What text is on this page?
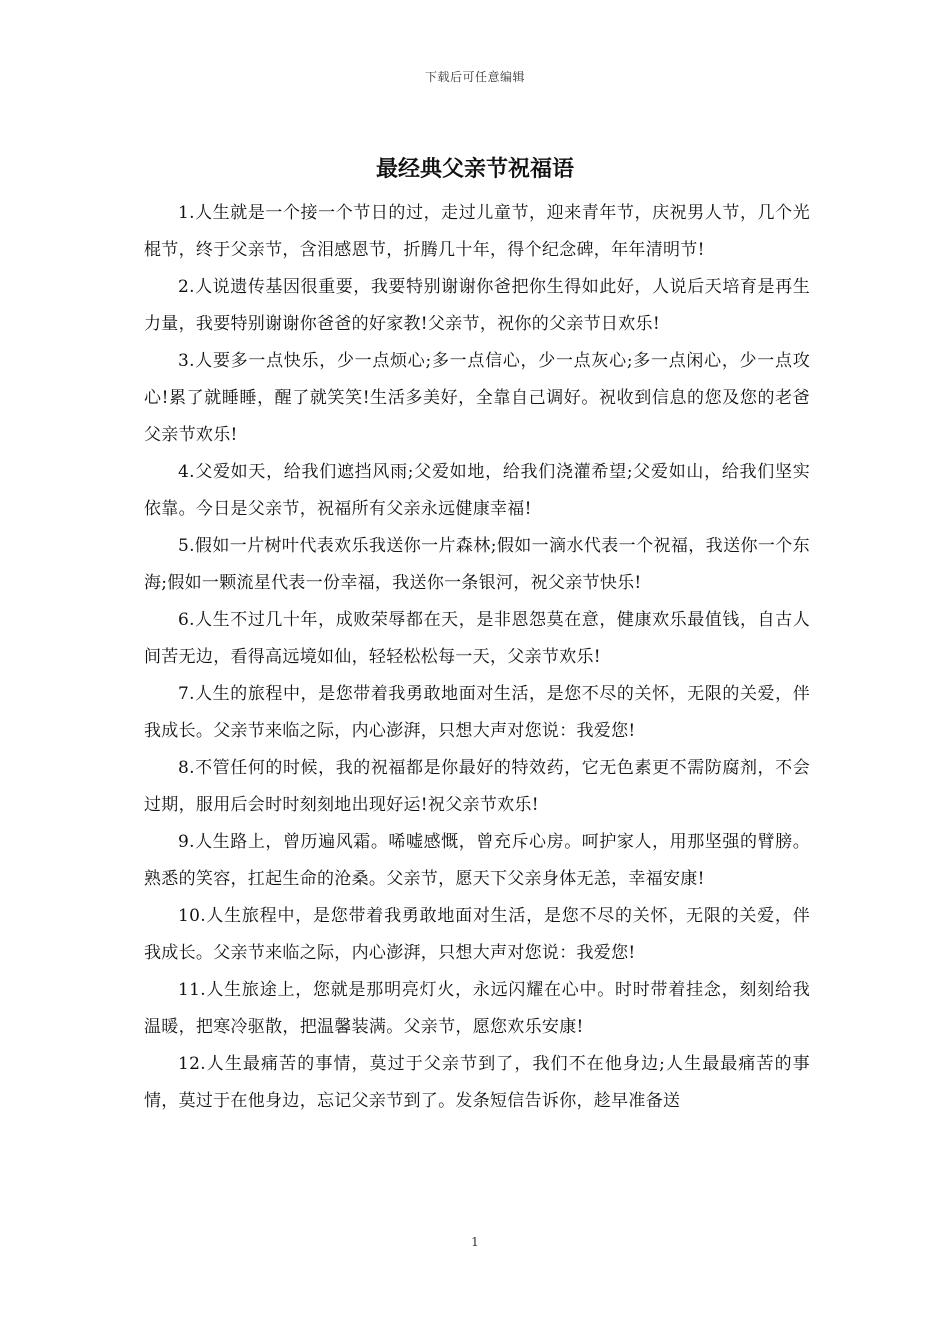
下载后可任意编辑
最经典父亲节祝福语

1.人生就是一个接一个节日的过，走过儿童节，迎来青年节，庆祝男人节，几个光棍节，终于父亲节，含泪感恩节，折腾几十年，得个纪念碑，年年清明节!

2.人说遗传基因很重要，我要特别谢谢你爸把你生得如此好，人说后天培育是再生力量，我要特别谢谢你爸爸的好家教!父亲节，祝你的父亲节日欢乐!

3.人要多一点快乐，少一点烦心;多一点信心，少一点灰心;多一点闲心，少一点攻心!累了就睡睡，醒了就笑笑!生活多美好，全靠自己调好。祝收到信息的您及您的老爸父亲节欢乐!

4.父爱如天，给我们遮挡风雨;父爱如地，给我们浇灌希望;父爱如山，给我们坚实依靠。今日是父亲节，祝福所有父亲永远健康幸福!

5.假如一片树叶代表欢乐我送你一片森林;假如一滴水代表一个祝福，我送你一个东海;假如一颗流星代表一份幸福，我送你一条银河，祝父亲节快乐!

6.人生不过几十年，成败荣辱都在天，是非恩怨莫在意，健康欢乐最值钱，自古人间苦无边，看得高远境如仙，轻轻松松每一天，父亲节欢乐!

7.人生的旅程中，是您带着我勇敢地面对生活，是您不尽的关怀，无限的关爱，伴我成长。父亲节来临之际，内心澎湃，只想大声对您说：我爱您!

8.不管任何的时候，我的祝福都是你最好的特效药，它无色素更不需防腐剂，不会过期，服用后会时时刻刻地出现好运!祝父亲节欢乐!

9.人生路上，曾历遍风霜。唏嘘感慨，曾充斥心房。呵护家人，用那坚强的臂膀。熟悉的笑容，扛起生命的沧桑。父亲节，愿天下父亲身体无恙，幸福安康!

10.人生旅程中，是您带着我勇敢地面对生活，是您不尽的关怀，无限的关爱，伴我成长。父亲节来临之际，内心澎湃，只想大声对您说：我爱您!

11.人生旅途上，您就是那明亮灯火，永远闪耀在心中。时时带着挂念，刻刻给我温暖，把寒冷驱散，把温馨装满。父亲节，愿您欢乐安康!

12.人生最痛苦的事情，莫过于父亲节到了，我们不在他身边;人生最最痛苦的事情，莫过于在他身边，忘记父亲节到了。发条短信告诉你，趁早准备送

1
